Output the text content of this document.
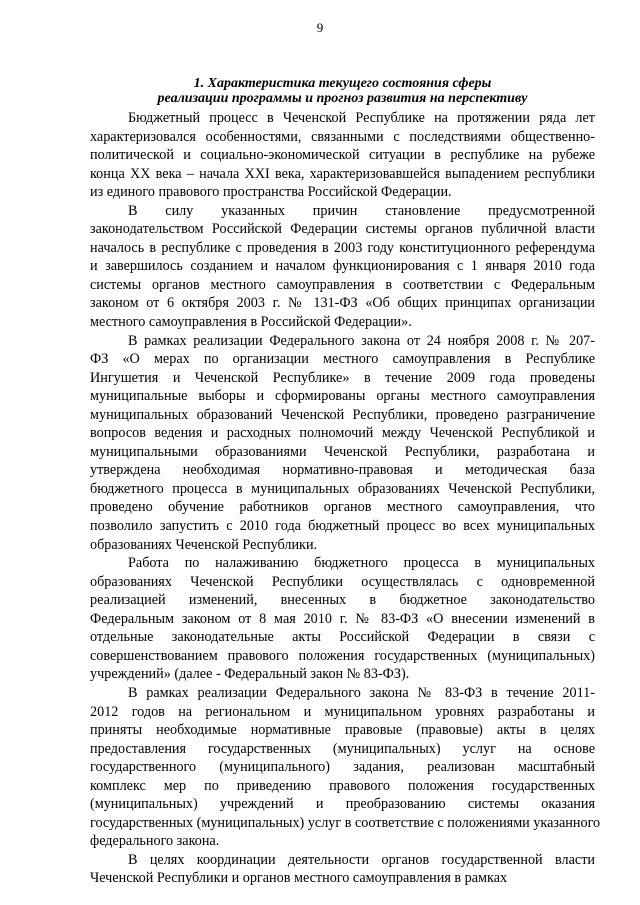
9
1. Характеристика текущего состояния сферы
реализации программы и прогноз развития на перспективу
Бюджетный процесс в Чеченской Республике на протяжении ряда лет
характеризовался особенностями, связанными с последствиями общественно-
политической и социально-экономической ситуации в республике на рубеже
конца XX века – начала XXI века, характеризовавшейся выпадением республики
из единого правового пространства Российской Федерации.
В силу указанных причин становление предусмотренной
законодательством Российской Федерации системы органов публичной власти
началось в республике с проведения в 2003 году конституционного референдума
и завершилось созданием и началом функционирования с 1 января 2010 года
системы органов местного самоуправления в соответствии с Федеральным
законом от 6 октября 2003 г. № 131-ФЗ «Об общих принципах организации
местного самоуправления в Российской Федерации».
В рамках реализации Федерального закона от 24 ноября 2008 г. № 207-
ФЗ «О мерах по организации местного самоуправления в Республике
Ингушетия и Чеченской Республике» в течение 2009 года проведены
муниципальные выборы и сформированы органы местного самоуправления
муниципальных образований Чеченской Республики, проведено разграничение
вопросов ведения и расходных полномочий между Чеченской Республикой и
муниципальными образованиями Чеченской Республики, разработана и
утверждена необходимая нормативно-правовая и методическая база
бюджетного процесса в муниципальных образованиях Чеченской Республики,
проведено обучение работников органов местного самоуправления, что
позволило запустить с 2010 года бюджетный процесс во всех муниципальных
образованиях Чеченской Республики.
Работа по налаживанию бюджетного процесса в муниципальных
образованиях Чеченской Республики осуществлялась с одновременной
реализацией изменений, внесенных в бюджетное законодательство
Федеральным законом от 8 мая 2010 г. № 83-ФЗ «О внесении изменений в
отдельные законодательные акты Российской Федерации в связи с
совершенствованием правового положения государственных (муниципальных)
учреждений» (далее - Федеральный закон № 83-ФЗ).
В рамках реализации Федерального закона № 83-ФЗ в течение 2011-
2012 годов на региональном и муниципальном уровнях разработаны и
приняты необходимые нормативные правовые (правовые) акты в целях
предоставления государственных (муниципальных) услуг на основе
государственного (муниципального) задания, реализован масштабный
комплекс мер по приведению правового положения государственных
(муниципальных) учреждений и преобразованию системы оказания
государственных (муниципальных) услуг в соответствие с положениями указанного
федерального закона.
В целях координации деятельности органов государственной власти
Чеченской Республики и органов местного самоуправления в рамках
